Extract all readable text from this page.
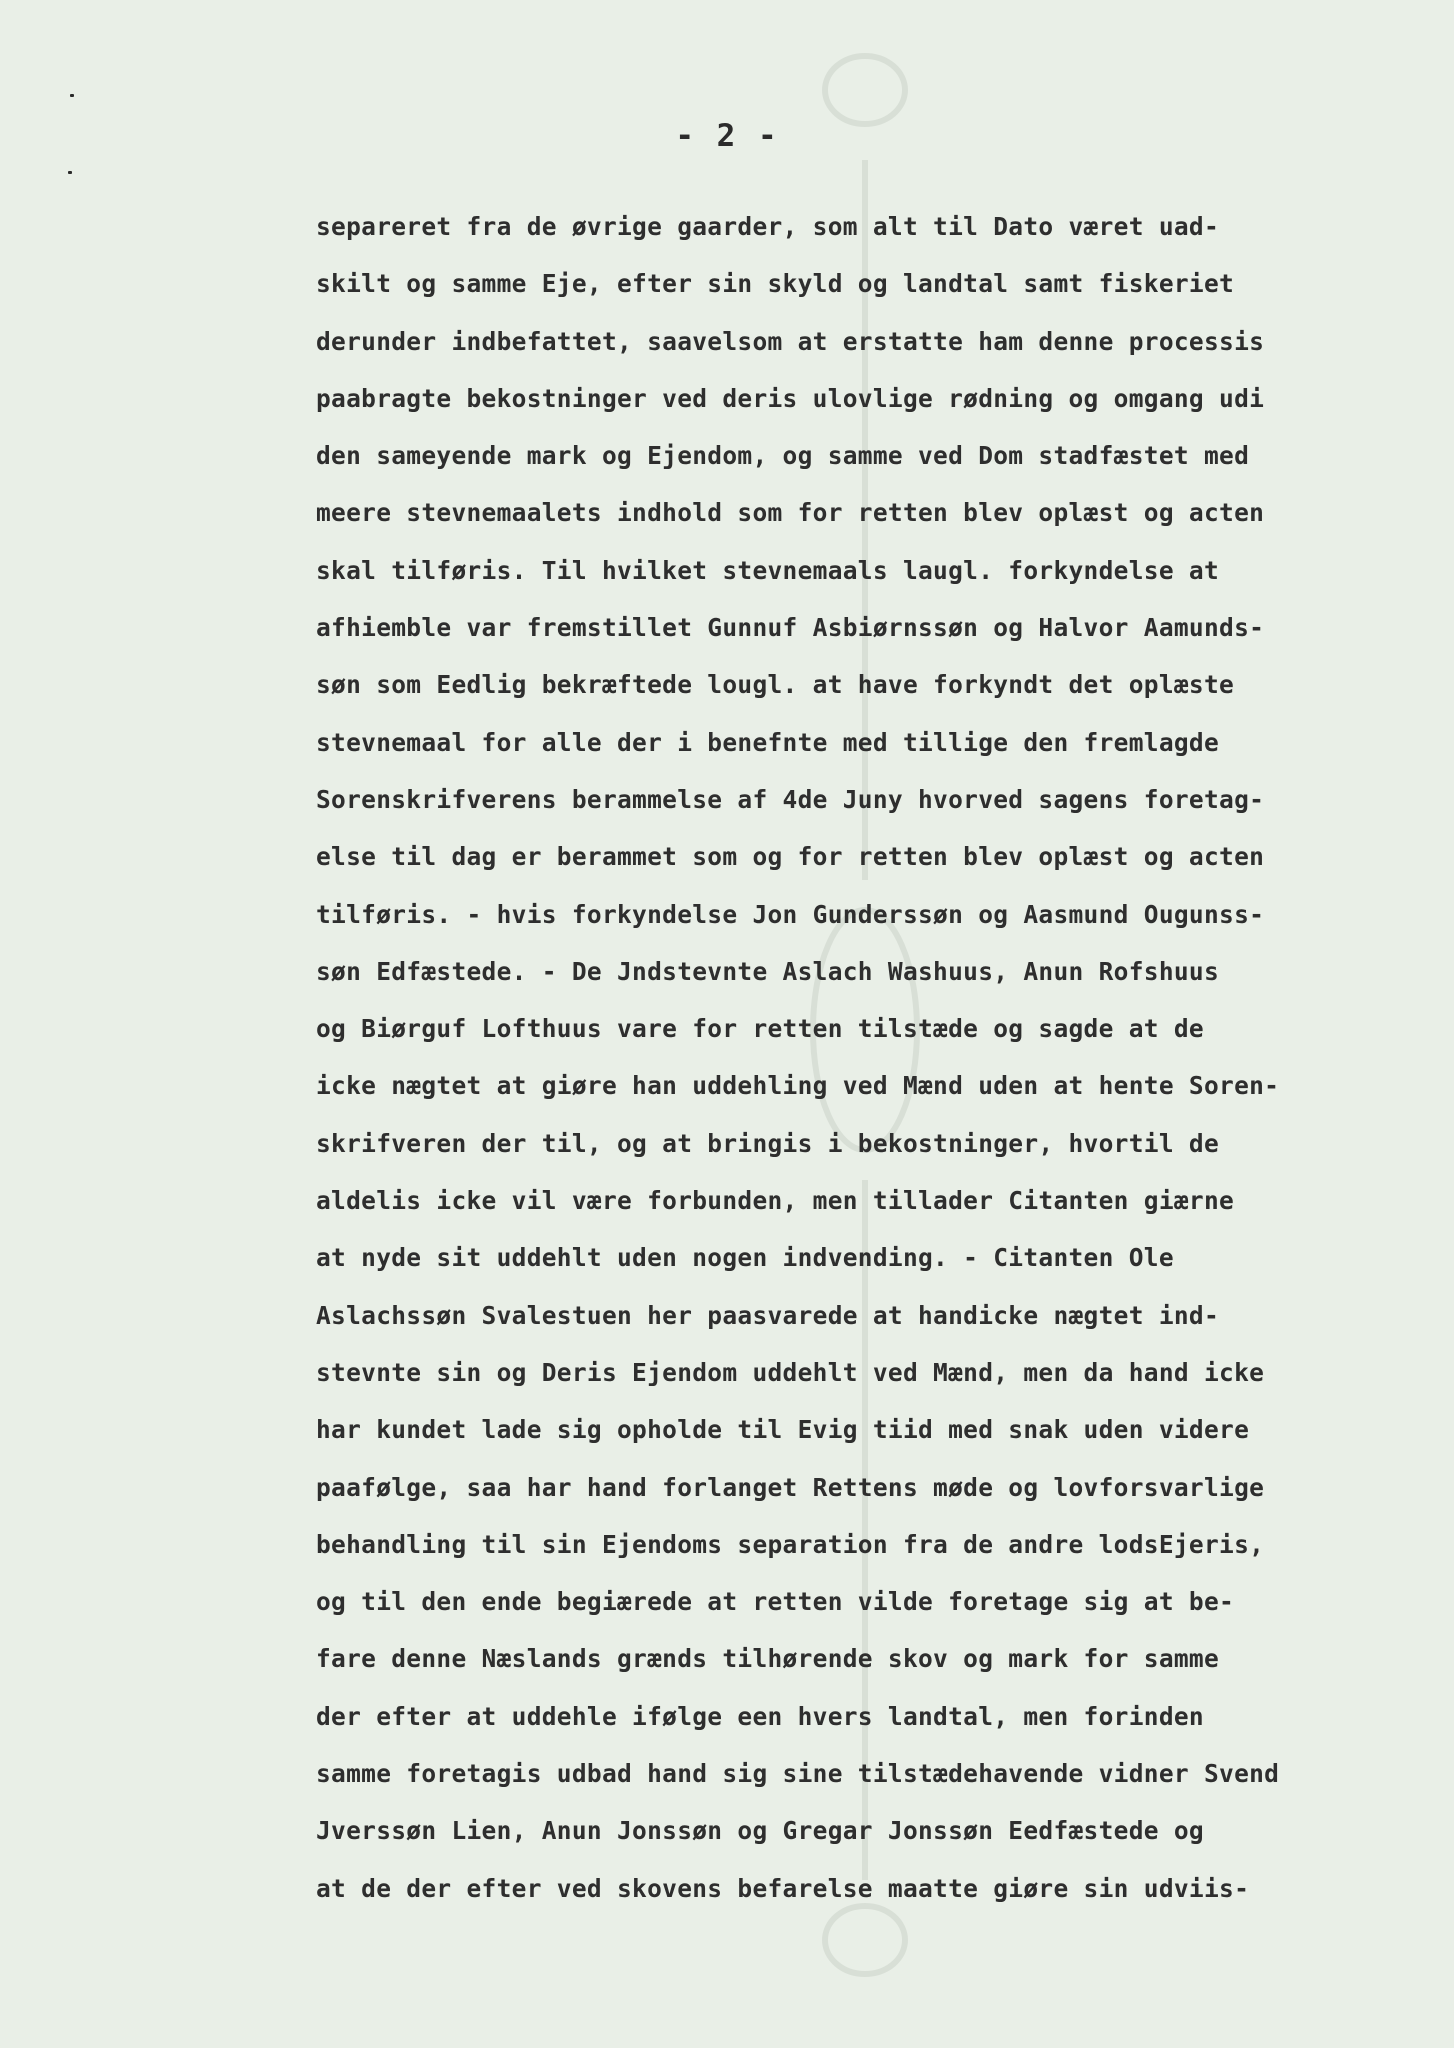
- 2 -
separeret fra de øvrige gaarder, som alt til Dato været uad-
skilt og samme Eje, efter sin skyld og landtal samt fiskeriet
derunder indbefattet, saavelsom at erstatte ham denne processis
paabragte bekostninger ved deris ulovlige rødning og omgang udi
den sameyende mark og Ejendom, og samme ved Dom stadfæstet med
meere stevnemaalets indhold som for retten blev oplæst og acten
skal tilføris. Til hvilket stevnemaals laugl. forkyndelse at
afhiemble var fremstillet Gunnuf Asbiørnssøn og Halvor Aamunds-
søn som Eedlig bekræftede lougl. at have forkyndt det oplæste
stevnemaal for alle der i benefnte med tillige den fremlagde
Sorenskrifverens berammelse af 4de Juny hvorved sagens foretag-
else til dag er berammet som og for retten blev oplæst og acten
tilføris. - hvis forkyndelse Jon Gunderssøn og Aasmund Ougunss-
søn Edfæstede. - De Jndstevnte Aslach Washuus, Anun Rofshuus
og Biørguf Lofthuus vare for retten tilstæde og sagde at de
icke nægtet at giøre han uddehling ved Mænd uden at hente Soren-
skrifveren der til, og at bringis i bekostninger, hvortil de
aldelis icke vil være forbunden, men tillader Citanten giærne
at nyde sit uddehlt uden nogen indvending. - Citanten Ole
Aslachssøn Svalestuen her paasvarede at handicke nægtet ind-
stevnte sin og Deris Ejendom uddehlt ved Mænd, men da hand icke
har kundet lade sig opholde til Evig tiid med snak uden videre
paafølge, saa har hand forlanget Rettens møde og lovforsvarlige
behandling til sin Ejendoms separation fra de andre lodsEjeris,
og til den ende begiærede at retten vilde foretage sig at be-
fare denne Næslands grænds tilhørende skov og mark for samme
der efter at uddehle ifølge een hvers landtal, men forinden
samme foretagis udbad hand sig sine tilstædehavende vidner Svend
Jverssøn Lien, Anun Jonssøn og Gregar Jonssøn Eedfæstede og
at de der efter ved skovens befarelse maatte giøre sin udviis-
